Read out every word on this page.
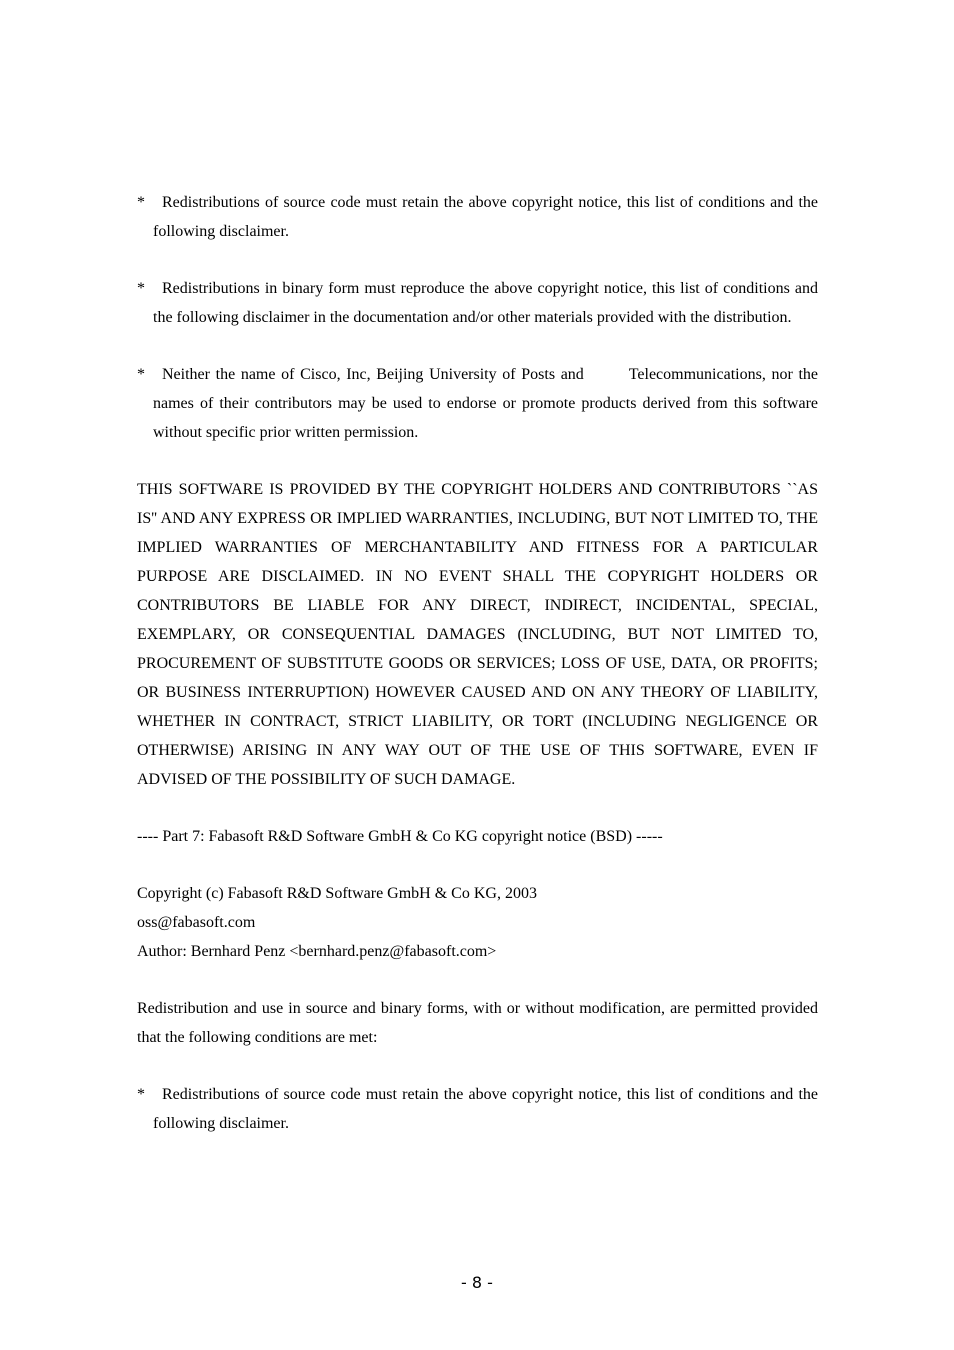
*	Redistributions of source code must retain the above copyright notice, this list of conditions and the following disclaimer.
*	Redistributions in binary form must reproduce the above copyright notice, this list of conditions and the following disclaimer in the documentation and/or other materials provided with the distribution.
*	Neither the name of Cisco, Inc, Beijing University of Posts and        Telecommunications, nor the names of their contributors may be used to endorse or promote products derived from this software without specific prior written permission.

THIS SOFTWARE IS PROVIDED BY THE COPYRIGHT HOLDERS AND CONTRIBUTORS ``AS IS'' AND ANY EXPRESS OR IMPLIED WARRANTIES, INCLUDING, BUT NOT LIMITED TO, THE IMPLIED WARRANTIES OF MERCHANTABILITY AND FITNESS FOR A PARTICULAR PURPOSE ARE DISCLAIMED. IN NO EVENT SHALL THE COPYRIGHT HOLDERS OR CONTRIBUTORS BE LIABLE FOR ANY DIRECT, INDIRECT, INCIDENTAL, SPECIAL, EXEMPLARY, OR CONSEQUENTIAL DAMAGES (INCLUDING, BUT NOT LIMITED TO, PROCUREMENT OF SUBSTITUTE GOODS OR SERVICES; LOSS OF USE, DATA, OR PROFITS; OR BUSINESS INTERRUPTION) HOWEVER CAUSED AND ON ANY THEORY OF LIABILITY, WHETHER IN CONTRACT, STRICT LIABILITY, OR TORT (INCLUDING NEGLIGENCE OR OTHERWISE) ARISING IN ANY WAY OUT OF THE USE OF THIS SOFTWARE, EVEN IF ADVISED OF THE POSSIBILITY OF SUCH DAMAGE.

---- Part 7: Fabasoft R&D Software GmbH & Co KG copyright notice (BSD) -----

Copyright (c) Fabasoft R&D Software GmbH & Co KG, 2003
oss@fabasoft.com
Author: Bernhard Penz <bernhard.penz@fabasoft.com>

Redistribution and use in source and binary forms, with or without modification, are permitted provided that the following conditions are met:

*	Redistributions of source code must retain the above copyright notice, this list of conditions and the following disclaimer.
- 8 -
